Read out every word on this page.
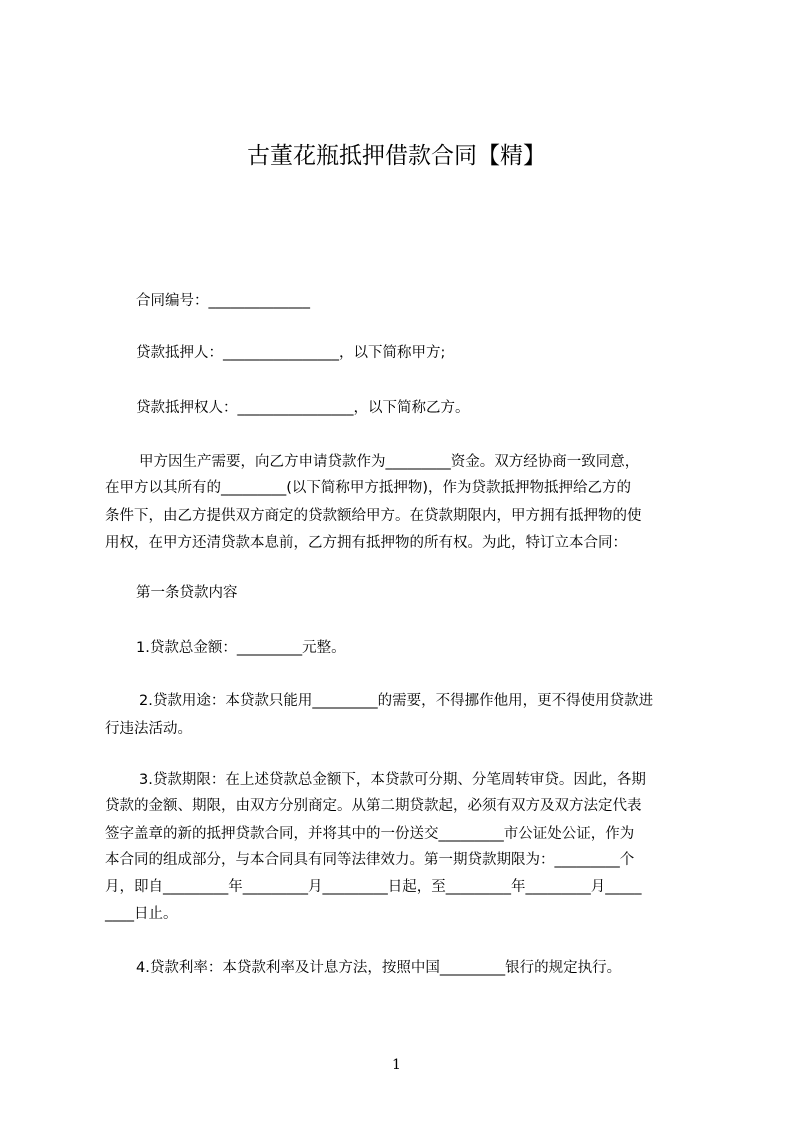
古董花瓶抵押借款合同【精】
合同编号：______________
贷款抵押人：________________，以下简称甲方;
贷款抵押权人：________________，以下简称乙方。
甲方因生产需要，向乙方申请贷款作为_________资金。双方经协商一致同意，
在甲方以其所有的_________(以下简称甲方抵押物)，作为贷款抵押物抵押给乙方的
条件下，由乙方提供双方商定的贷款额给甲方。在贷款期限内，甲方拥有抵押物的使
用权，在甲方还清贷款本息前，乙方拥有抵押物的所有权。为此，特订立本合同：
第一条贷款内容
1.贷款总金额：_________元整。
2.贷款用途：本贷款只能用_________的需要，不得挪作他用，更不得使用贷款进
行违法活动。
3.贷款期限：在上述贷款总金额下，本贷款可分期、分笔周转审贷。因此，各期
贷款的金额、期限，由双方分别商定。从第二期贷款起，必须有双方及双方法定代表
签字盖章的新的抵押贷款合同，并将其中的一份送交_________市公证处公证，作为
本合同的组成部分，与本合同具有同等法律效力。第一期贷款期限为：_________个
月，即自_________年_________月_________日起，至_________年_________月_____
____日止。
4.贷款利率：本贷款利率及计息方法，按照中国_________银行的规定执行。
1
